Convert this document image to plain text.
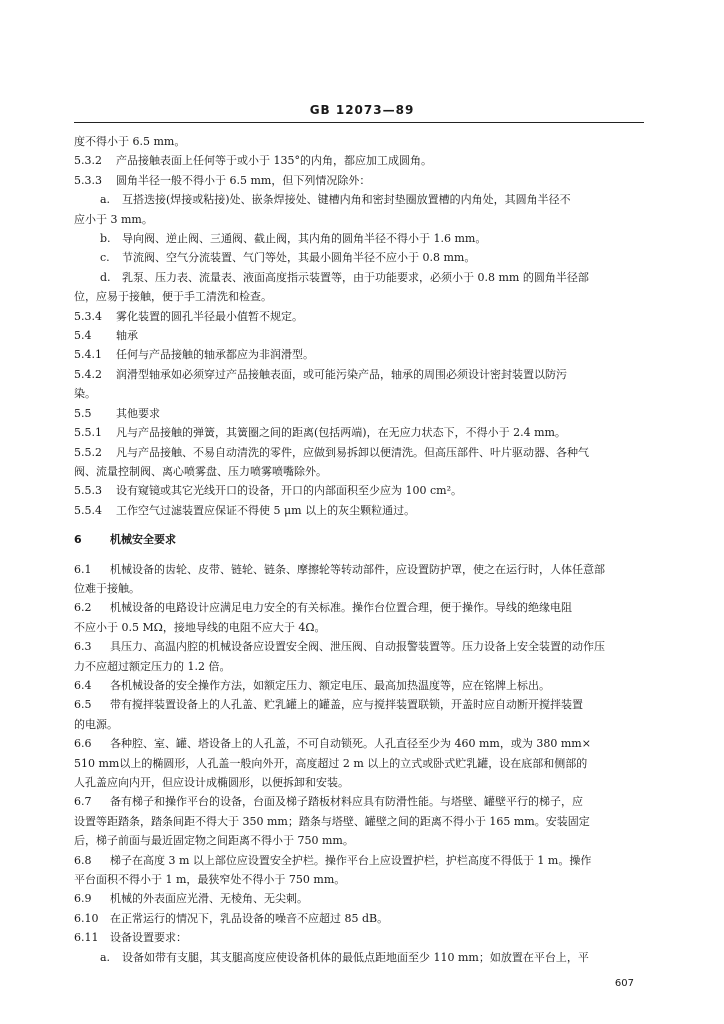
GB 12073—89
度不得小于 6.5 mm。
5.3.2 产品接触表面上任何等于或小于 135°的内角，都应加工成圆角。
5.3.3 圆角半径一般不得小于 6.5 mm，但下列情况除外：
a. 互搭迭接(焊接或粘接)处、嵌条焊接处、键槽内角和密封垫圈放置槽的内角处，其圆角半径不
应小于 3 mm。
b. 导向阀、逆止阀、三通阀、截止阀，其内角的圆角半径不得小于 1.6 mm。
c. 节流阀、空气分流装置、气门等处，其最小圆角半径不应小于 0.8 mm。
d. 乳泵、压力表、流量表、液面高度指示装置等，由于功能要求，必须小于 0.8 mm 的圆角半径部
位，应易于接触，便于手工清洗和检查。
5.3.4 雾化装置的圆孔半径最小值暂不规定。
5.4 轴承
5.4.1 任何与产品接触的轴承都应为非润滑型。
5.4.2 润滑型轴承如必须穿过产品接触表面，或可能污染产品，轴承的周围必须设计密封装置以防污
染。
5.5 其他要求
5.5.1 凡与产品接触的弹簧，其簧圈之间的距离(包括两端)，在无应力状态下，不得小于 2.4 mm。
5.5.2 凡与产品接触、不易自动清洗的零件，应做到易拆卸以便清洗。但高压部件、叶片驱动器、各种气
阀、流量控制阀、离心喷雾盘、压力喷雾喷嘴除外。
5.5.3 设有窥镜或其它光线开口的设备，开口的内部面积至少应为 100 cm²。
5.5.4 工作空气过滤装置应保证不得使 5 μm 以上的灰尘颗粒通过。
6	机械安全要求
6.1 机械设备的齿轮、皮带、链轮、链条、摩擦轮等转动部件，应设置防护罩，使之在运行时，人体任意部
位难于接触。
6.2 机械设备的电路设计应满足电力安全的有关标准。操作台位置合理，便于操作。导线的绝缘电阻
不应小于 0.5 MΩ，接地导线的电阻不应大于 4Ω。
6.3 具压力、高温内腔的机械设备应设置安全阀、泄压阀、自动报警装置等。压力设备上安全装置的动作压
力不应超过额定压力的 1.2 倍。
6.4 各机械设备的安全操作方法，如额定压力、额定电压、最高加热温度等，应在铭牌上标出。
6.5 带有搅拌装置设备上的人孔盖、贮乳罐上的罐盖，应与搅拌装置联锁，开盖时应自动断开搅拌装置
的电源。
6.6 各种腔、室、罐、塔设备上的人孔盖，不可自动锁死。人孔直径至少为 460 mm，或为 380 mm×
510 mm以上的椭圆形，人孔盖一般向外开，高度超过 2 m 以上的立式或卧式贮乳罐，设在底部和侧部的
人孔盖应向内开，但应设计成椭圆形，以便拆卸和安装。
6.7 备有梯子和操作平台的设备，台面及梯子踏板材料应具有防滑性能。与塔壁、罐壁平行的梯子，应
设置等距踏条，踏条间距不得大于 350 mm；踏条与塔壁、罐壁之间的距离不得小于 165 mm。安装固定
后，梯子前面与最近固定物之间距离不得小于 750 mm。
6.8 梯子在高度 3 m 以上部位应设置安全护栏。操作平台上应设置护栏，护栏高度不得低于 1 m。操作
平台面积不得小于 1 m，最狭窄处不得小于 750 mm。
6.9 机械的外表面应光滑、无棱角、无尖刺。
6.10 在正常运行的情况下，乳品设备的噪音不应超过 85 dB。
6.11 设备设置要求：
a. 设备如带有支腿，其支腿高度应使设备机体的最低点距地面至少 110 mm；如放置在平台上，平
607
